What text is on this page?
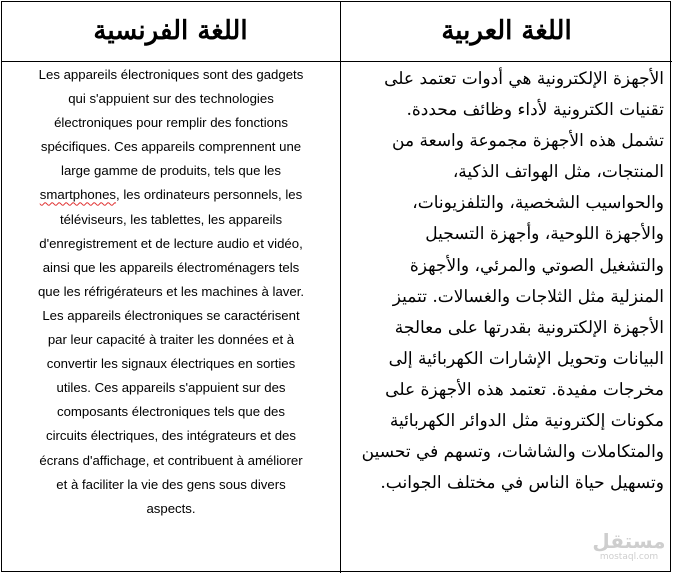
اللغة الفرنسية	اللغة العربية
Les appareils électroniques sont des gadgets
qui s'appuient sur des technologies
électroniques pour remplir des fonctions
spécifiques. Ces appareils comprennent une
large gamme de produits, tels que les
smartphones, les ordinateurs personnels, les
téléviseurs, les tablettes, les appareils
d'enregistrement et de lecture audio et vidéo,
ainsi que les appareils électroménagers tels
que les réfrigérateurs et les machines à laver.
Les appareils électroniques se caractérisent
par leur capacité à traiter les données et à
convertir les signaux électriques en sorties
utiles. Ces appareils s'appuient sur des
composants électroniques tels que des
circuits électriques, des intégrateurs et des
écrans d'affichage, et contribuent à améliorer
et à faciliter la vie des gens sous divers
aspects.
الأجهزة الإلكترونية هي أدوات تعتمد على
تقنيات الكترونية لأداء وظائف محددة.
تشمل هذه الأجهزة مجموعة واسعة من
المنتجات، مثل الهواتف الذكية،
والحواسيب الشخصية، والتلفزيونات،
والأجهزة اللوحية، وأجهزة التسجيل
والتشغيل الصوتي والمرئي، والأجهزة
المنزلية مثل الثلاجات والغسالات. تتميز
الأجهزة الإلكترونية بقدرتها على معالجة
البيانات وتحويل الإشارات الكهربائية إلى
مخرجات مفيدة. تعتمد هذه الأجهزة على
مكونات إلكترونية مثل الدوائر الكهربائية
والمتكاملات والشاشات، وتسهم في تحسين
وتسهيل حياة الناس في مختلف الجوانب.
مستقل
mostaql.com
